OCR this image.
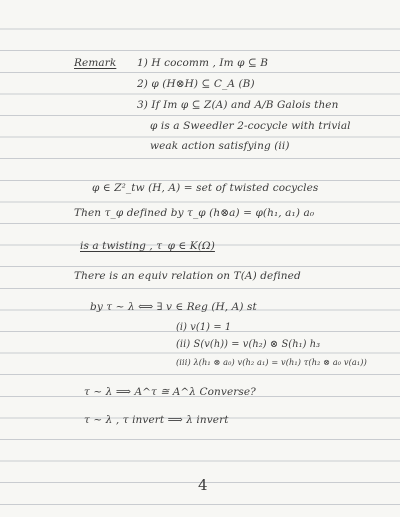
Remark 1) H cocomm , Im φ ⊆ B
2) φ (H⊗H) ⊆ C_A (B)
3) If Im φ ⊆ Z(A) and A/B Galois then
φ is a Sweedler 2-cocycle with trivial
weak action satisfying (ii)
φ ∈ Z²_tw (H, A) = set of twisted cocycles
Then τ_φ defined by τ_φ (h⊗a) = φ(h₁, a₁) a₀
is a twisting , τ_φ ∈ K(Ω)
There is an equiv relation on T(A) defined
by τ ~ λ ⟺ ∃ v ∈ Reg (H, A) st
(i) v(1) = 1
(ii) S(v(h)) = v(h₂) ⊗ S(h₁) h₃
(iii) λ(h₁ ⊗ a₀) v(h₂ a₁) = v(h₁) τ(h₂ ⊗ a₀ v(a₁))
τ ~ λ ⟹ A^τ ≅ A^λ Converse?
τ ~ λ , τ invert ⟹ λ invert
4
